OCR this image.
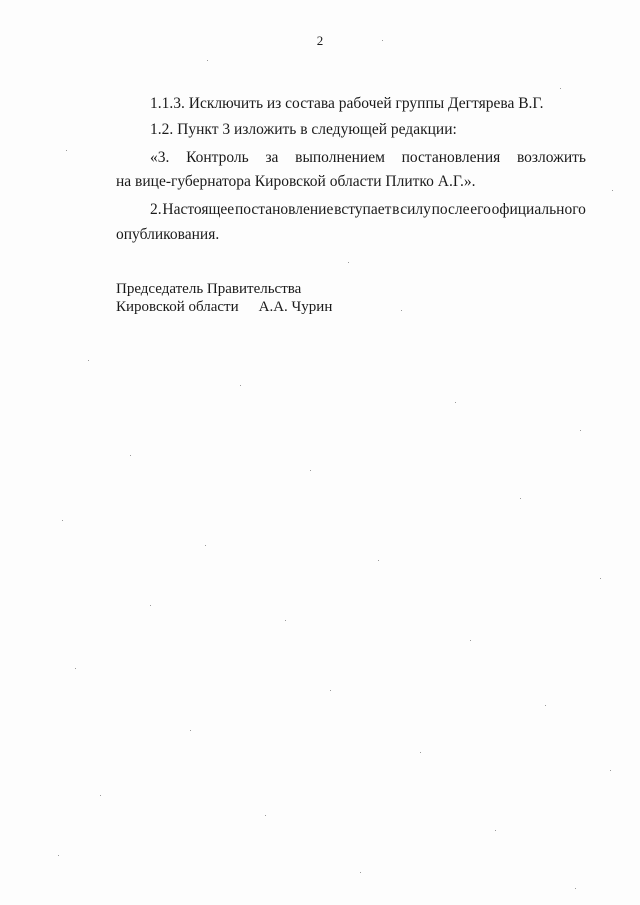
2
1.1.3. Исключить из состава рабочей группы Дегтярева В.Г.
1.2. Пункт 3 изложить в следующей редакции:
«3. Контроль за выполнением постановления возложить
на вице-губернатора Кировской области Плитко А.Г.».
2. Настоящее постановление вступает в силу после его официального
опубликования.
Председатель Правительства
Кировской области А.А. Чурин
